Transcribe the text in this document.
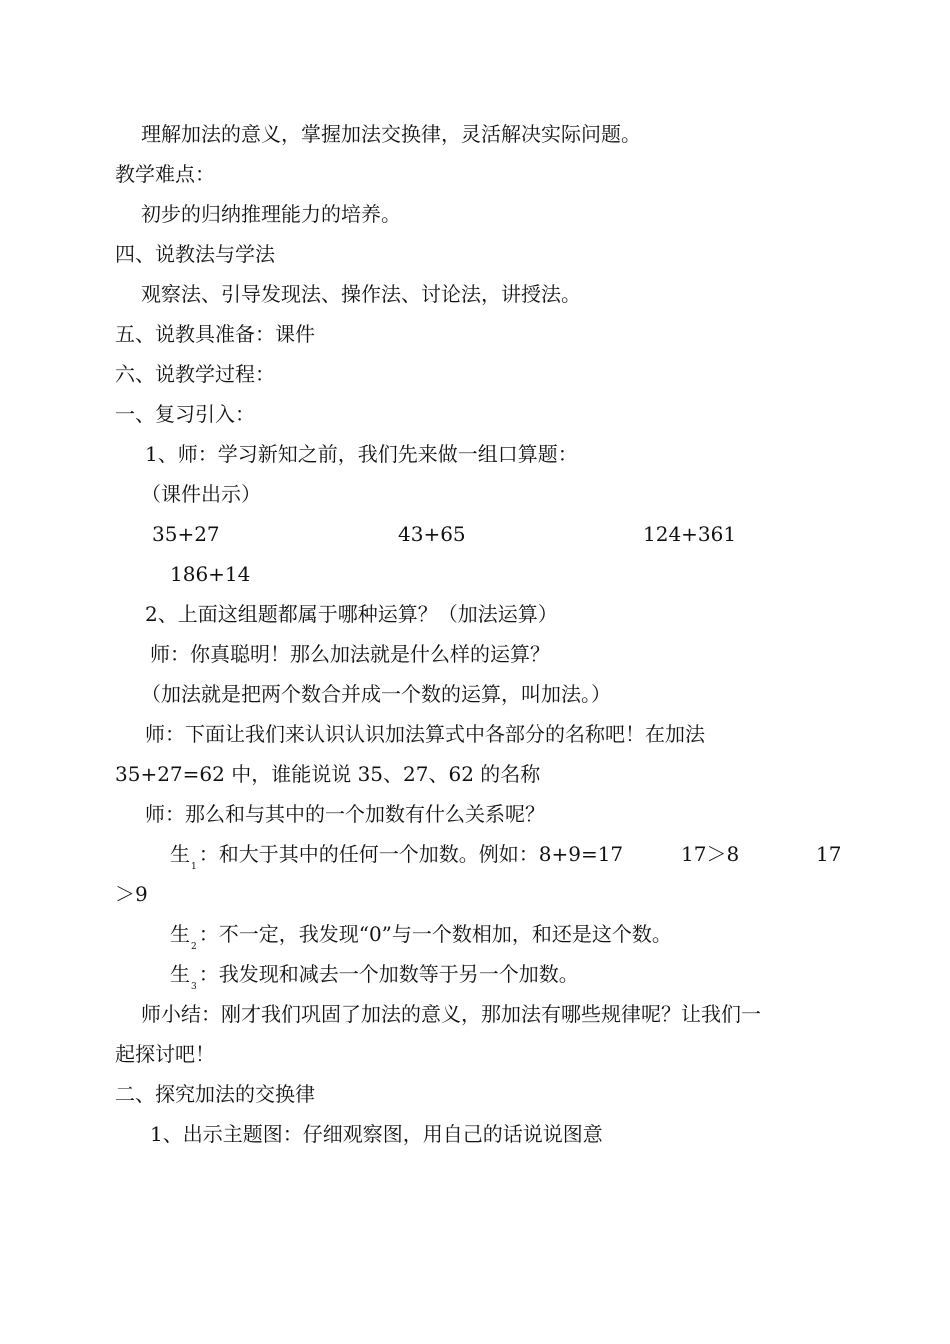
理解加法的意义，掌握加法交换律，灵活解决实际问题。
教学难点：
初步的归纳推理能力的培养。
四、说教法与学法
观察法、引导发现法、操作法、讨论法，讲授法。
五、说教具准备：课件
六、说教学过程：
一、复习引入：
1、师：学习新知之前，我们先来做一组口算题：
（课件出示）
35+27	43+65	124+361
186+14
2、上面这组题都属于哪种运算？（加法运算）
师：你真聪明！那么加法就是什么样的运算？
（加法就是把两个数合并成一个数的运算，叫加法。）
师：下面让我们来认识认识加法算式中各部分的名称吧！在加法
35+27=62 中，谁能说说 35、27、62 的名称
师：那么和与其中的一个加数有什么关系呢？
生$_1$：和大于其中的任何一个加数。例如：8+9=17	17＞8	17
＞9
生$_2$：不一定，我发现“0”与一个数相加，和还是这个数。
生$_3$：我发现和减去一个加数等于另一个加数。
师小结：刚才我们巩固了加法的意义，那加法有哪些规律呢？让我们一
起探讨吧！
二、探究加法的交换律
1、出示主题图：仔细观察图，用自己的话说说图意
